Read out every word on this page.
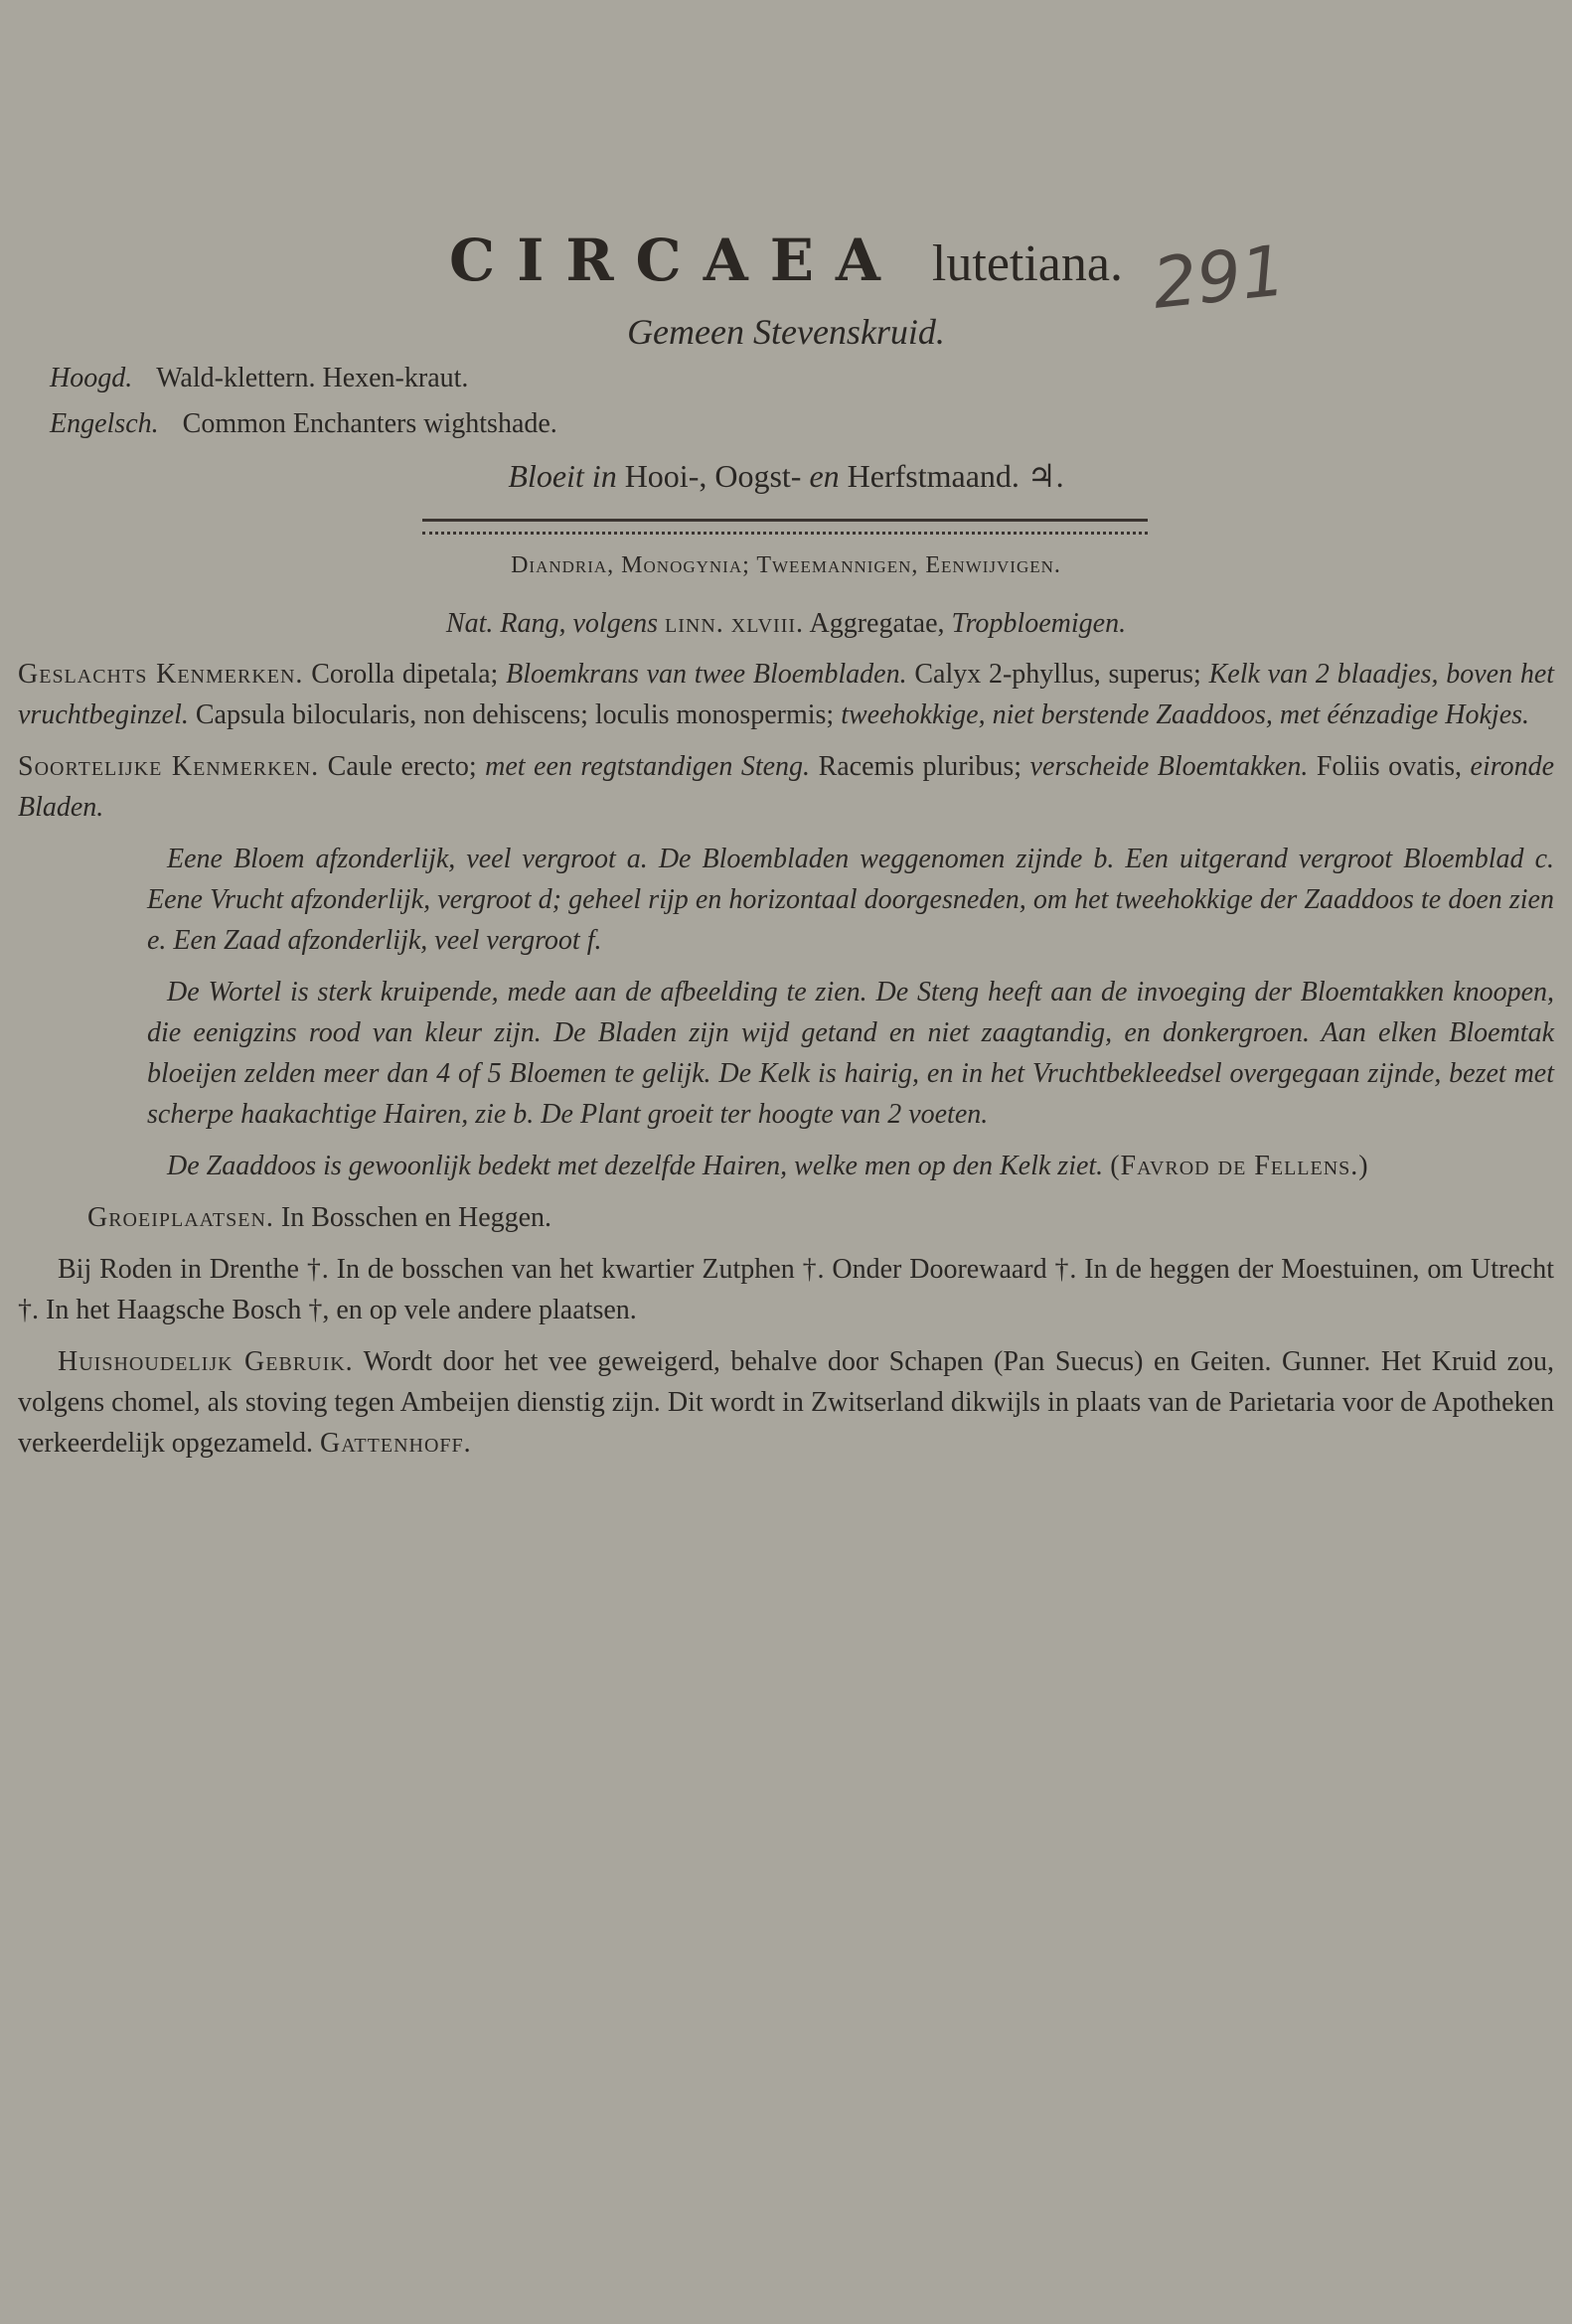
CIRCAEA lutetiana. 291
Gemeen Stevenskruid.
Hoogd. Wald-klettern. Hexen-kraut.
Engelsch. Common Enchanters wightshade.
Bloeit in Hooi-, Oogst- en Herfstmaand. ♃.
Diandria, Monogynia; Tweemannigen, Eenwijvigen.
Nat. Rang, volgens linn. xlviii. Aggregatae, Tropbloemigen.

Geslachts Kenmerken. Corolla dipetala; Bloemkrans van twee Bloembladen. Calyx 2-phyllus, superus; Kelk van 2 blaadjes, boven het vruchtbeginzel. Capsula bilocularis, non dehiscens; loculis monospermis; tweehokkige, niet berstende Zaaddoos, met éénzadige Hokjes.

Soortelijke Kenmerken. Caule erecto; met een regtstandigen Steng. Racemis pluribus; verscheide Bloemtakken. Foliis ovatis, eironde Bladen.

Eene Bloem afzonderlijk, veel vergroot a. De Bloembladen weggenomen zijnde b. Een uitgerand vergroot Bloemblad c. Eene Vrucht afzonderlijk, vergroot d; geheel rijp en horizontaal doorgesneden, om het tweehokkige der Zaaddoos te doen zien e. Een Zaad afzonderlijk, veel vergroot f.

De Wortel is sterk kruipende, mede aan de afbeelding te zien. De Steng heeft aan de invoeging der Bloemtakken knoopen, die eenigzins rood van kleur zijn. De Bladen zijn wijd getand en niet zaagtandig, en donkergroen. Aan elken Bloemtak bloeijen zelden meer dan 4 of 5 Bloemen te gelijk. De Kelk is hairig, en in het Vruchtbekleedsel overgegaan zijnde, bezet met scherpe haakachtige Hairen, zie b. De Plant groeit ter hoogte van 2 voeten.

De Zaaddoos is gewoonlijk bedekt met dezelfde Hairen, welke men op den Kelk ziet. (Favrod de Fellens.)

Groeiplaatsen. In Bosschen en Heggen.

Bij Roden in Drenthe †. In de bosschen van het kwartier Zutphen †. Onder Doorewaard †. In de heggen der Moestuinen, om Utrecht †. In het Haagsche Bosch †, en op vele andere plaatsen.

Huishoudelijk Gebruik. Wordt door het vee geweigerd, behalve door Schapen (Pan Suecus) en Geiten. Gunner. Het Kruid zou, volgens chomel, als stoving tegen Ambeijen dienstig zijn. Dit wordt in Zwitserland dikwijls in plaats van de Parietaria voor de Apotheken verkeerdelijk opgezameld. Gattenhoff.
